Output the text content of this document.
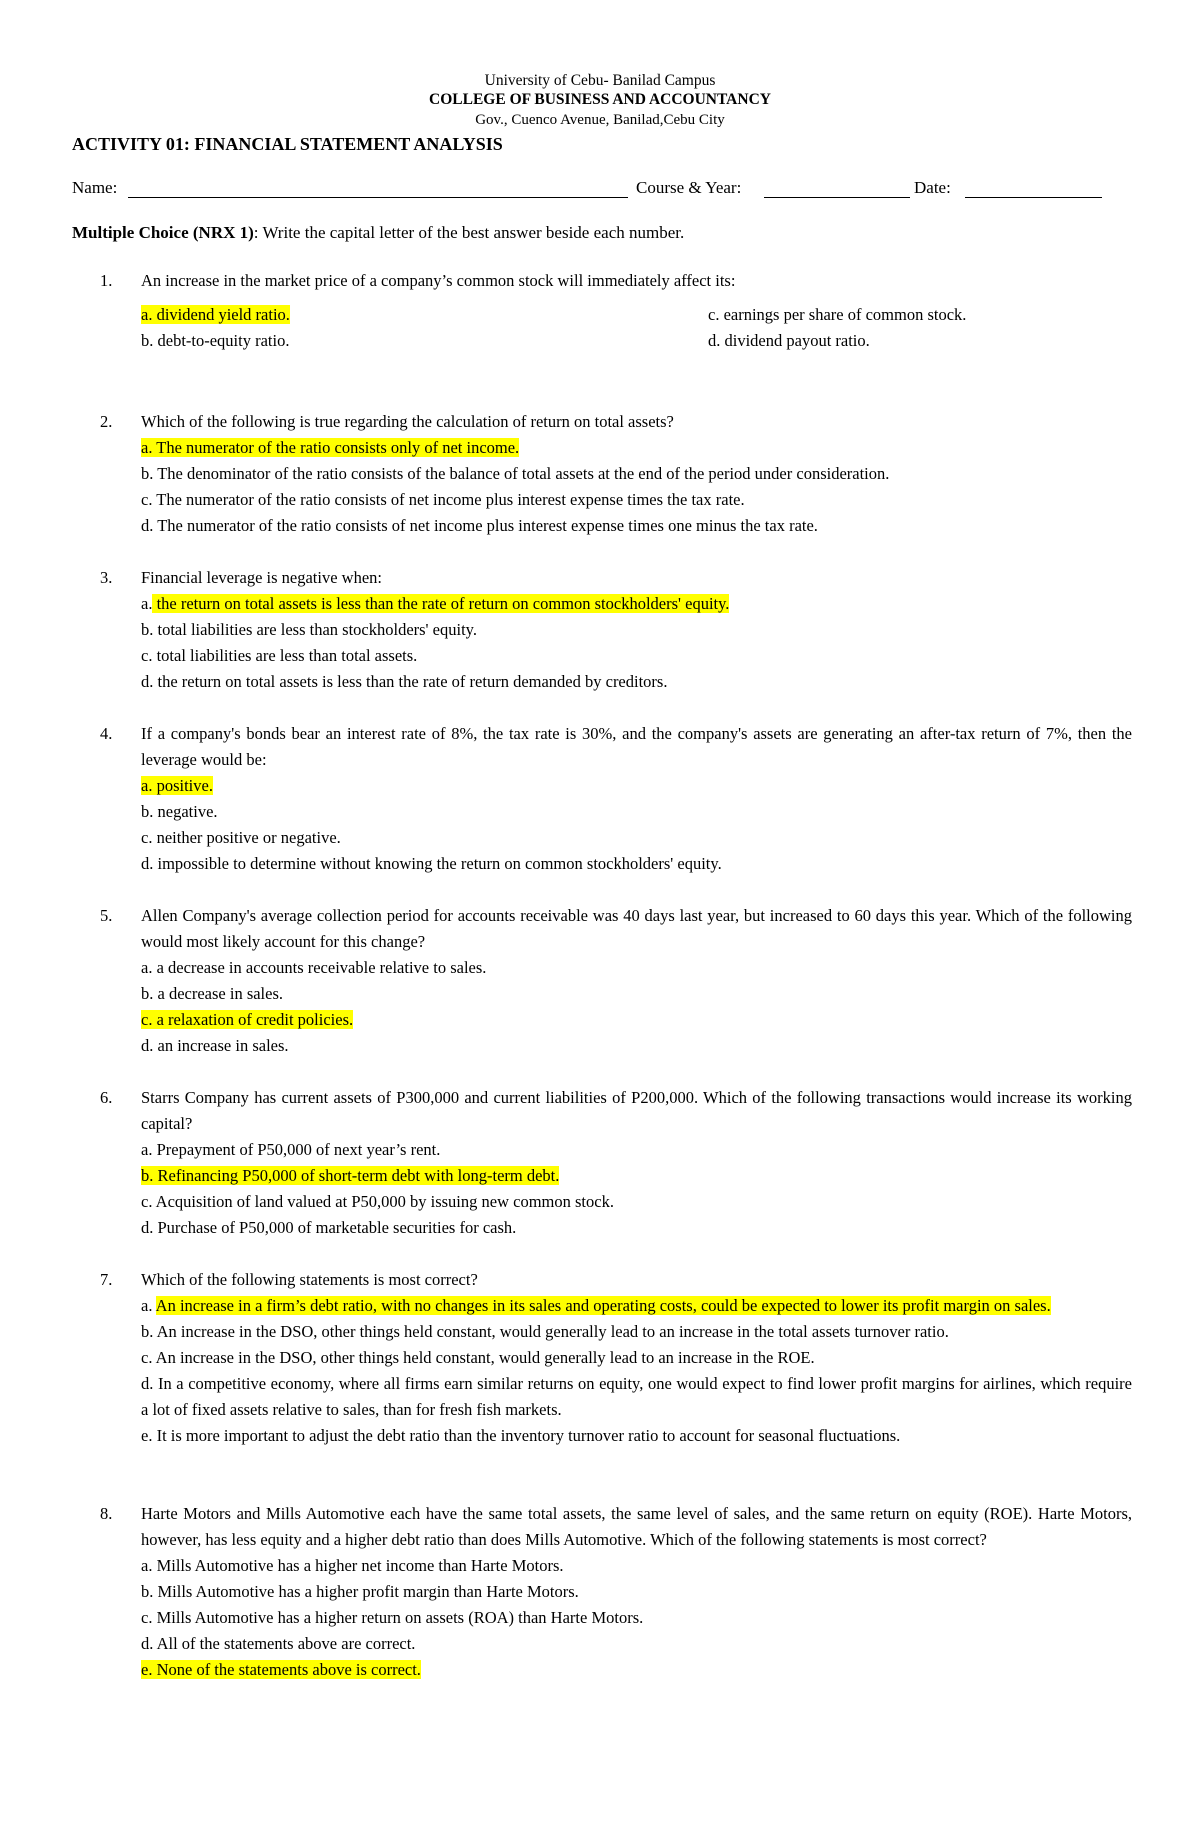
University of Cebu- Banilad Campus
COLLEGE OF BUSINESS AND ACCOUNTANCY
Gov., Cuenco Avenue, Banilad,Cebu City
ACTIVITY 01: FINANCIAL STATEMENT ANALYSIS
Name:	Course & Year:	Date:
Multiple Choice (NRX 1): Write the capital letter of the best answer beside each number.
1. An increase in the market price of a company’s common stock will immediately affect its:
a. dividend yield ratio.
b. debt-to-equity ratio.
c. earnings per share of common stock.
d. dividend payout ratio.
2. Which of the following is true regarding the calculation of return on total assets?
a. The numerator of the ratio consists only of net income.
b. The denominator of the ratio consists of the balance of total assets at the end of the period under consideration.
c. The numerator of the ratio consists of net income plus interest expense times the tax rate.
d. The numerator of the ratio consists of net income plus interest expense times one minus the tax rate.
3. Financial leverage is negative when:
a. the return on total assets is less than the rate of return on common stockholders' equity.
b. total liabilities are less than stockholders' equity.
c. total liabilities are less than total assets.
d. the return on total assets is less than the rate of return demanded by creditors.
4. If a company's bonds bear an interest rate of 8%, the tax rate is 30%, and the company's assets are generating an after-tax return of 7%, then the leverage would be:
a. positive.
b. negative.
c. neither positive or negative.
d. impossible to determine without knowing the return on common stockholders' equity.
5. Allen Company's average collection period for accounts receivable was 40 days last year, but increased to 60 days this year. Which of the following would most likely account for this change?
a. a decrease in accounts receivable relative to sales.
b. a decrease in sales.
c. a relaxation of credit policies.
d. an increase in sales.
6. Starrs Company has current assets of P300,000 and current liabilities of P200,000. Which of the following transactions would increase its working capital?
a. Prepayment of P50,000 of next year’s rent.
b. Refinancing P50,000 of short-term debt with long-term debt.
c. Acquisition of land valued at P50,000 by issuing new common stock.
d. Purchase of P50,000 of marketable securities for cash.
7. Which of the following statements is most correct?
a. An increase in a firm’s debt ratio, with no changes in its sales and operating costs, could be expected to lower its profit margin on sales.
b. An increase in the DSO, other things held constant, would generally lead to an increase in the total assets turnover ratio.
c. An increase in the DSO, other things held constant, would generally lead to an increase in the ROE.
d. In a competitive economy, where all firms earn similar returns on equity, one would expect to find lower profit margins for airlines, which require a lot of fixed assets relative to sales, than for fresh fish markets.
e. It is more important to adjust the debt ratio than the inventory turnover ratio to account for seasonal fluctuations.
8. Harte Motors and Mills Automotive each have the same total assets, the same level of sales, and the same return on equity (ROE). Harte Motors, however, has less equity and a higher debt ratio than does Mills Automotive. Which of the following statements is most correct?
a. Mills Automotive has a higher net income than Harte Motors.
b. Mills Automotive has a higher profit margin than Harte Motors.
c. Mills Automotive has a higher return on assets (ROA) than Harte Motors.
d. All of the statements above are correct.
e. None of the statements above is correct.
